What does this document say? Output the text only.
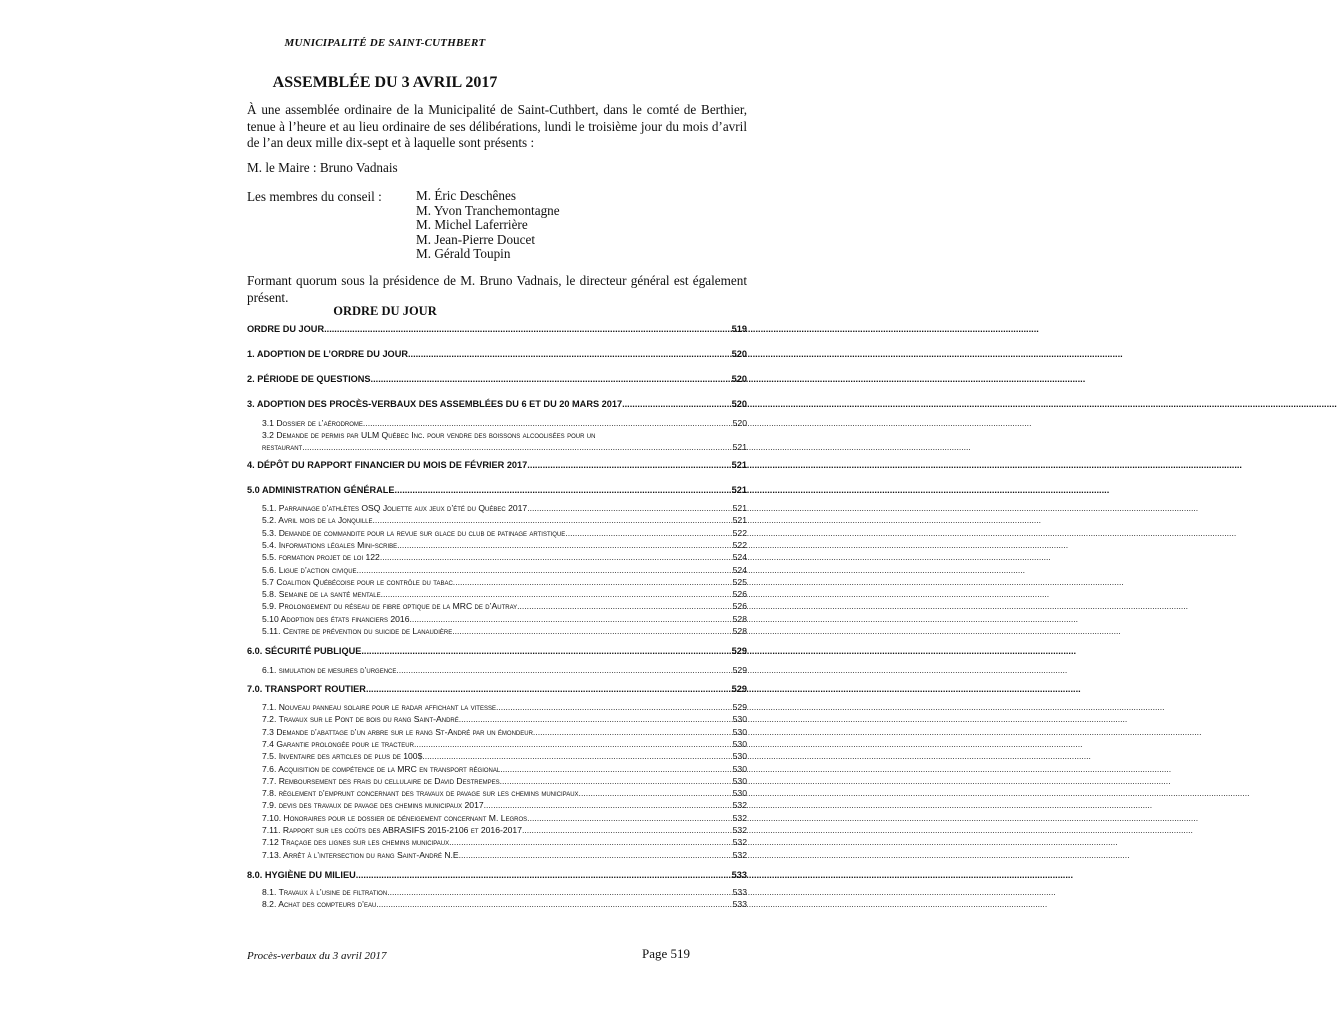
MUNICIPALITÉ DE SAINT-CUTHBERT
ASSEMBLÉE DU 3 AVRIL 2017
À une assemblée ordinaire de la Municipalité de Saint-Cuthbert, dans le comté de Berthier, tenue à l’heure et au lieu ordinaire de ses délibérations, lundi le troisième jour du mois d’avril de l’an deux mille dix-sept et à laquelle sont présents :
M. le Maire : Bruno Vadnais
Les membres du conseil :	M. Éric Deschênes
M. Yvon Tranchemontagne
M. Michel Laferrière
M. Jean-Pierre Doucet
M. Gérald Toupin
Formant quorum sous la présidence de M. Bruno Vadnais, le directeur général est également présent.
ORDRE DU JOUR
ORDRE DU JOUR .....	519
1. ADOPTION DE L’ORDRE DU JOUR .....	520
2. PÉRIODE DE QUESTIONS .....	520
3. ADOPTION DES PROCÈS-VERBAUX DES ASSEMBLÉES DU 6 ET DU 20 MARS 2017 .....	520
3.1 Dossier de l’aérodrome .....	520
3.2 Demande de permis par ULM Québec Inc. pour vendre des boissons alcoolisées pour un
restaurant .....	521
4. DÉPÔT DU RAPPORT FINANCIER DU MOIS DE FÉVRIER 2017 .....	521
5.0 ADMINISTRATION GÉNÉRALE .....	521
5.1. Parrainage d’athlètes OSQ Joliette aux jeux d’été du Québec 2017. .....	521
5.2. Avril mois de la Jonquille .....	521
5.3. Demande de commandite pour la revue sur glace du club de patinage artistique. .....	522
5.4. Informations légales Mini-scribe. .....	522
5.5. formation projet de loi 122. .....	524
5.6. Ligue d’action civique .....	524
5.7 Coalition Québécoise pour le contrôle du tabac. .....	525
5.8. Semaine de la santé mentale .....	526
5.9. Prolongement du réseau de fibre optique de la MRC de d’Autray. .....	526
5.10 Adoption des états financiers 2016 .....	528
5.11. Centre de prévention du suicide de Lanaudière .....	528
6.0. SÉCURITÉ PUBLIQUE .....	529
6.1. simulation de mesures d’urgence. .....	529
7.0. TRANSPORT ROUTIER .....	529
7.1. Nouveau panneau solaire pour le radar affichant la vitesse .....	529
7.2. Travaux sur le Pont de bois du rang Saint-André .....	530
7.3 Demande d’abattage d’un arbre sur le rang St-André par un émondeur .....	530
7.4 Garantie prolongée pour le tracteur .....	530
7.5. Inventaire des articles de plus de 100$ .....	530
7.6. Acquisition de compétence de la MRC en transport régional. .....	530
7.7. Remboursement des frais du cellulaire de David Destrempes. .....	530
7.8. règlement d’emprunt concernant des travaux de pavage sur les chemins municipaux. .....	530
7.9. devis des travaux de pavage des chemins municipaux 2017 .....	532
7.10. Honoraires pour le dossier de déneigement concernant M. Legros. .....	532
7.11. Rapport sur les coûts des ABRASIFS 2015-2106 et 2016-2017. .....	532
7.12 Traçage des lignes sur les chemins municipaux .....	532
7.13. Arrêt à l’intersection du rang Saint-André N.E. .....	532
8.0. HYGIÈNE DU MILIEU. .....	533
8.1. Travaux à l’usine de filtration .....	533
8.2. Achat des compteurs d’eau. .....	533
Procès-verbaux du 3 avril 2017	Page 519
